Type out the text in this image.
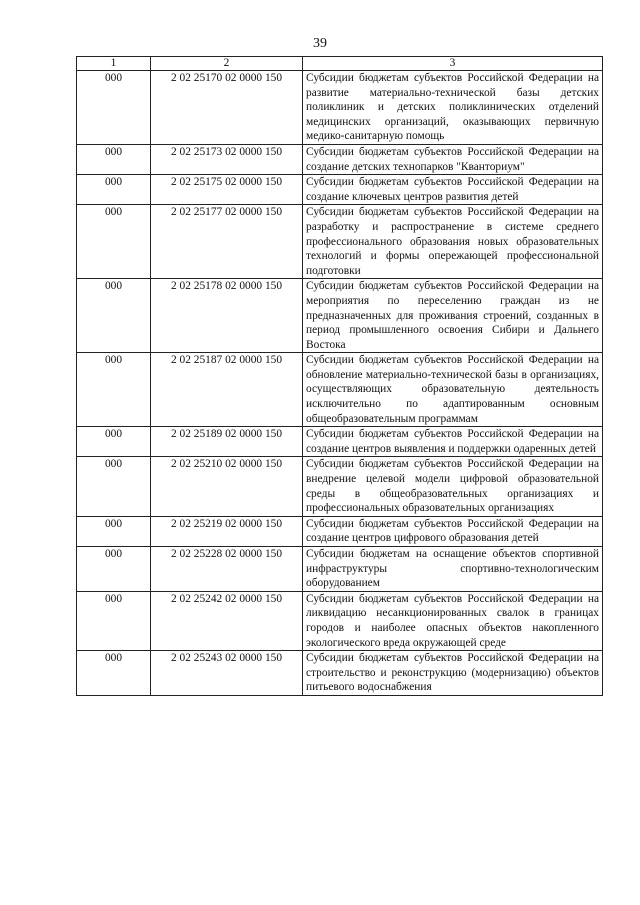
39
1	2	3
000	2 02 25170 02 0000 150	Субсидии бюджетам субъектов Российской Федерации на развитие материально-технической базы детских поликлиник и детских поликлинических отделений медицинских организаций, оказывающих первичную медико-санитарную помощь
000	2 02 25173 02 0000 150	Субсидии бюджетам субъектов Российской Федерации на создание детских технопарков "Кванториум"
000	2 02 25175 02 0000 150	Субсидии бюджетам субъектов Российской Федерации на создание ключевых центров развития детей
000	2 02 25177 02 0000 150	Субсидии бюджетам субъектов Российской Федерации на разработку и распространение в системе среднего профессионального образования новых образовательных технологий и формы опережающей профессиональной подготовки
000	2 02 25178 02 0000 150	Субсидии бюджетам субъектов Российской Федерации на мероприятия по переселению граждан из не предназначенных для проживания строений, созданных в период промышленного освоения Сибири и Дальнего Востока
000	2 02 25187 02 0000 150	Субсидии бюджетам субъектов Российской Федерации на обновление материально-технической базы в организациях, осуществляющих образовательную деятельность исключительно по адаптированным основным общеобразовательным программам
000	2 02 25189 02 0000 150	Субсидии бюджетам субъектов Российской Федерации на создание центров выявления и поддержки одаренных детей
000	2 02 25210 02 0000 150	Субсидии бюджетам субъектов Российской Федерации на внедрение целевой модели цифровой образовательной среды в общеобразовательных организациях и профессиональных образовательных организациях
000	2 02 25219 02 0000 150	Субсидии бюджетам субъектов Российской Федерации на создание центров цифрового образования детей
000	2 02 25228 02 0000 150	Субсидии бюджетам на оснащение объектов спортивной инфраструктуры спортивно-технологическим оборудованием
000	2 02 25242 02 0000 150	Субсидии бюджетам субъектов Российской Федерации на ликвидацию несанкционированных свалок в границах городов и наиболее опасных объектов накопленного экологического вреда окружающей среде
000	2 02 25243 02 0000 150	Субсидии бюджетам субъектов Российской Федерации на строительство и реконструкцию (модернизацию) объектов питьевого водоснабжения
